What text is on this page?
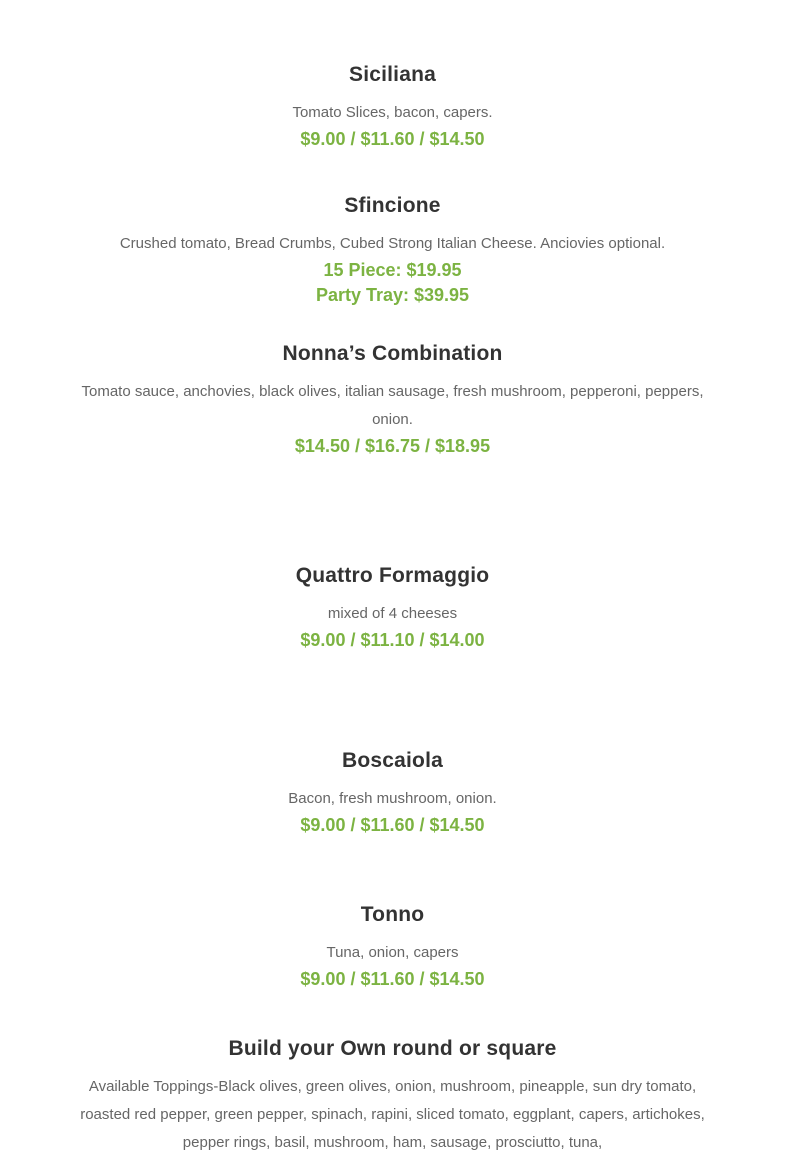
Siciliana

Tomato Slices, bacon, capers.

$9.00 / $11.60 / $14.50

Sfincione

Crushed tomato, Bread Crumbs, Cubed Strong Italian Cheese. Anciovies optional.

15 Piece: $19.95

Party Tray: $39.95

Nonna’s Combination

Tomato sauce, anchovies, black olives, italian sausage, fresh mushroom, pepperoni, peppers, onion.

$14.50 / $16.75 / $18.95

Quattro Formaggio

mixed of 4 cheeses

$9.00 / $11.10 / $14.00

Boscaiola

Bacon, fresh mushroom, onion.

$9.00 / $11.60 / $14.50

Tonno

Tuna, onion, capers

$9.00 / $11.60 / $14.50

Build your Own round or square

Available Toppings-Black olives, green olives, onion, mushroom, pineapple, sun dry tomato, roasted red pepper, green pepper, spinach, rapini, sliced tomato, eggplant, capers, artichokes, pepper rings, basil, mushroom, ham, sausage, prosciutto, tuna,
